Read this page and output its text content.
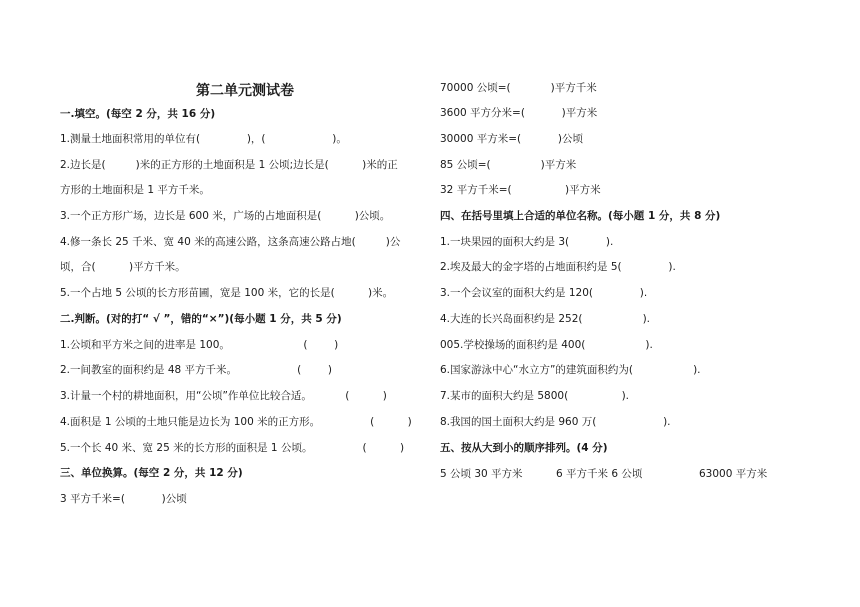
第二单元测试卷
一.填空。(每空 2 分，共 16 分)
1.测量土地面积常用的单位有(              )，(                    )。
2.边长是(         )米的正方形的土地面积是 1 公顷;边长是(          )米的正
方形的土地面积是 1 平方千米。
3.一个正方形广场，边长是 600 米，广场的占地面积是(          )公顷。
4.修一条长 25 千米、宽 40 米的高速公路，这条高速公路占地(         )公
顷，合(          )平方千米。
5.一个占地 5 公顷的长方形苗圃，宽是 100 米，它的长是(          )米。
二.判断。(对的打“ √ ”，错的“×”)(每小题 1 分，共 5 分)
1.公顷和平方米之间的进率是 100。                      (        )
2.一间教室的面积约是 48 平方千米。                  (        )
3.计量一个村的耕地面积，用“公顷”作单位比较合适。          (          )
4.面积是 1 公顷的土地只能是边长为 100 米的正方形。               (          )
5.一个长 40 米、宽 25 米的长方形的面积是 1 公顷。               (          )
三、单位换算。(每空 2 分，共 12 分)
3 平方千米=(           )公顷
70000 公顷=(            )平方千米
3600 平方分米=(           )平方米
30000 平方米=(           )公顷
85 公顷=(               )平方米
32 平方千米=(                )平方米
四、在括号里填上合适的单位名称。(每小题 1 分，共 8 分)
1.一块果园的面积大约是 3(           ).
2.埃及最大的金字塔的占地面积约是 5(              ).
3.一个会议室的面积大约是 120(              ).
4.大连的长兴岛面积约是 252(                  ).
005.学校操场的面积约是 400(                  ).
6.国家游泳中心“水立方”的建筑面积约为(                  ).
7.某市的面积大约是 5800(                ).
8.我国的国土面积大约是 960 万(                    ).
五、按从大到小的顺序排列。(4 分)
5 公顷 30 平方米	6 平方千米 6 公顷	63000 平方米
